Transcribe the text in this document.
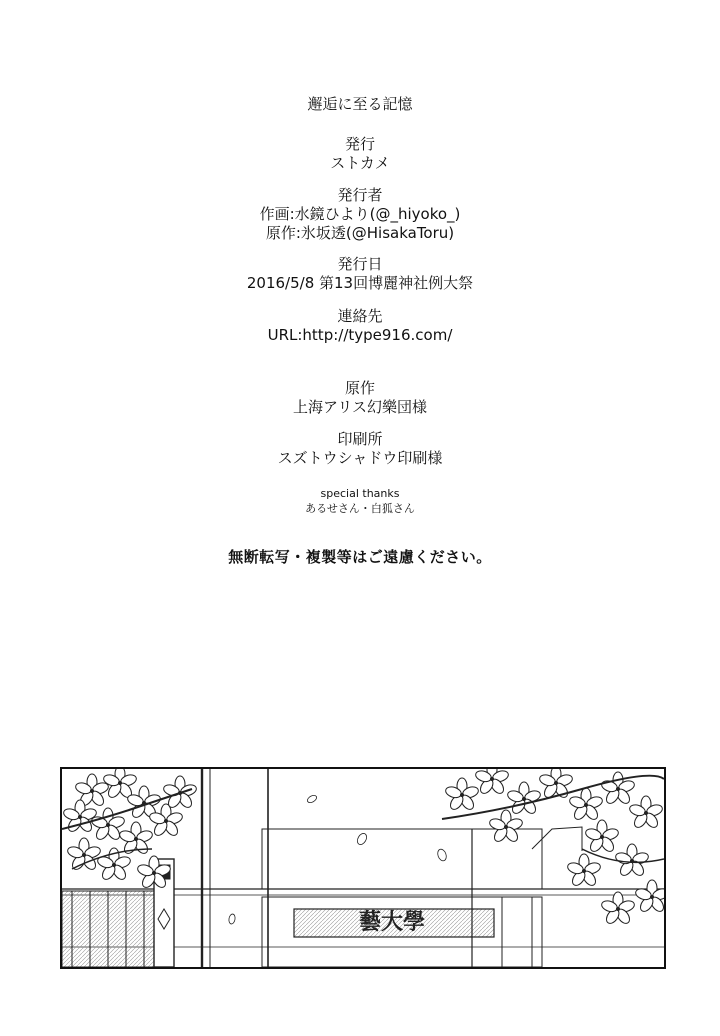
邂逅に至る記憶
発行
ストカメ
発行者
作画:水鏡ひより(@_hiyoko_)
原作:氷坂透(@HisakaToru)
発行日
2016/5/8 第13回博麗神社例大祭
連絡先
URL:http://type916.com/
原作
上海アリス幻樂団様
印刷所
スズトウシャドウ印刷様
special thanks
あるせさん・白狐さん
無断転写・複製等はご遠慮ください。
藝大學
